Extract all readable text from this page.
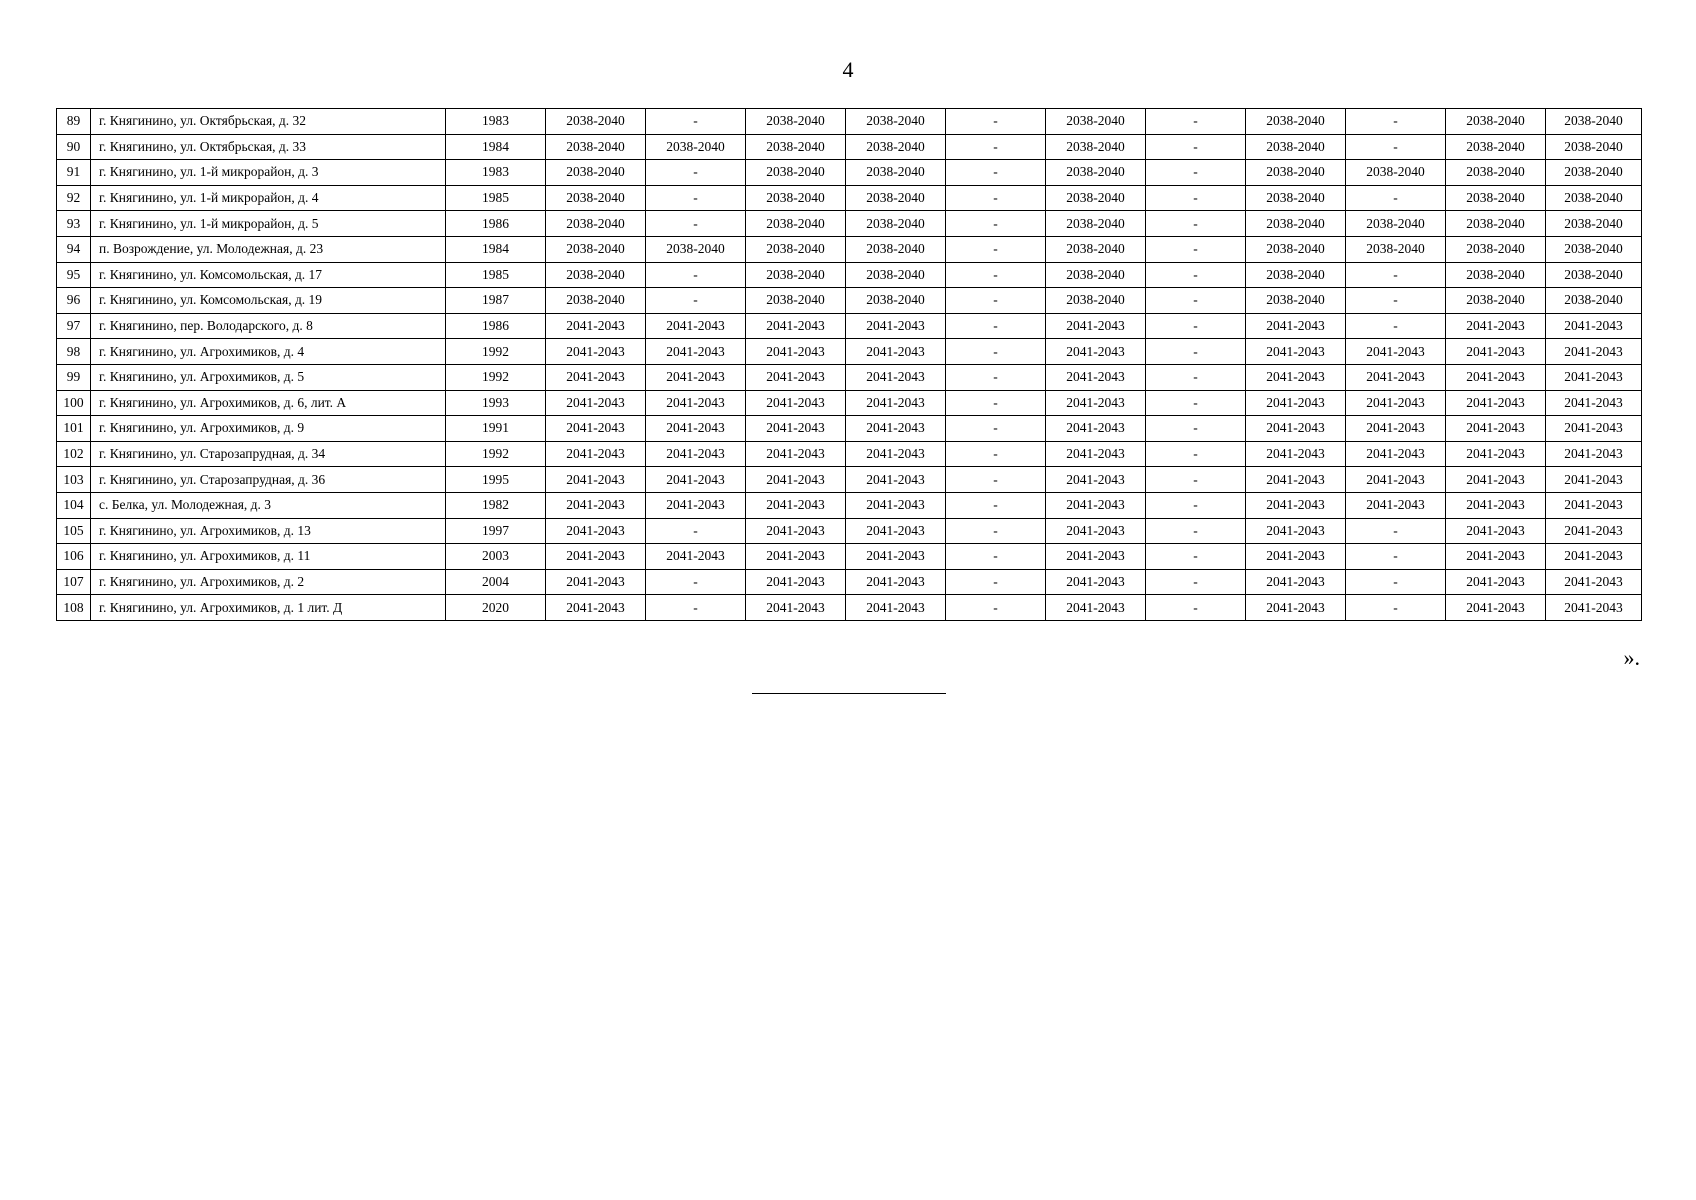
4
89	г. Княгинино, ул. Октябрьская, д. 32	1983	2038-2040	-	2038-2040	2038-2040	-	2038-2040	-	2038-2040	-	2038-2040	2038-2040
90	г. Княгинино, ул. Октябрьская, д. 33	1984	2038-2040	2038-2040	2038-2040	2038-2040	-	2038-2040	-	2038-2040	-	2038-2040	2038-2040
91	г. Княгинино, ул. 1-й микрорайон, д. 3	1983	2038-2040	-	2038-2040	2038-2040	-	2038-2040	-	2038-2040	2038-2040	2038-2040	2038-2040
92	г. Княгинино, ул. 1-й микрорайон, д. 4	1985	2038-2040	-	2038-2040	2038-2040	-	2038-2040	-	2038-2040	-	2038-2040	2038-2040
93	г. Княгинино, ул. 1-й микрорайон, д. 5	1986	2038-2040	-	2038-2040	2038-2040	-	2038-2040	-	2038-2040	2038-2040	2038-2040	2038-2040
94	п. Возрождение, ул. Молодежная, д. 23	1984	2038-2040	2038-2040	2038-2040	2038-2040	-	2038-2040	-	2038-2040	2038-2040	2038-2040	2038-2040
95	г. Княгинино, ул. Комсомольская, д. 17	1985	2038-2040	-	2038-2040	2038-2040	-	2038-2040	-	2038-2040	-	2038-2040	2038-2040
96	г. Княгинино, ул. Комсомольская, д. 19	1987	2038-2040	-	2038-2040	2038-2040	-	2038-2040	-	2038-2040	-	2038-2040	2038-2040
97	г. Княгинино, пер. Володарского, д. 8	1986	2041-2043	2041-2043	2041-2043	2041-2043	-	2041-2043	-	2041-2043	-	2041-2043	2041-2043
98	г. Княгинино, ул. Агрохимиков, д. 4	1992	2041-2043	2041-2043	2041-2043	2041-2043	-	2041-2043	-	2041-2043	2041-2043	2041-2043	2041-2043
99	г. Княгинино, ул. Агрохимиков, д. 5	1992	2041-2043	2041-2043	2041-2043	2041-2043	-	2041-2043	-	2041-2043	2041-2043	2041-2043	2041-2043
100	г. Княгинино, ул. Агрохимиков, д. 6, лит. А	1993	2041-2043	2041-2043	2041-2043	2041-2043	-	2041-2043	-	2041-2043	2041-2043	2041-2043	2041-2043
101	г. Княгинино, ул. Агрохимиков, д. 9	1991	2041-2043	2041-2043	2041-2043	2041-2043	-	2041-2043	-	2041-2043	2041-2043	2041-2043	2041-2043
102	г. Княгинино, ул. Старозапрудная, д. 34	1992	2041-2043	2041-2043	2041-2043	2041-2043	-	2041-2043	-	2041-2043	2041-2043	2041-2043	2041-2043
103	г. Княгинино, ул. Старозапрудная, д. 36	1995	2041-2043	2041-2043	2041-2043	2041-2043	-	2041-2043	-	2041-2043	2041-2043	2041-2043	2041-2043
104	с. Белка, ул. Молодежная, д. 3	1982	2041-2043	2041-2043	2041-2043	2041-2043	-	2041-2043	-	2041-2043	2041-2043	2041-2043	2041-2043
105	г. Княгинино, ул. Агрохимиков, д. 13	1997	2041-2043	-	2041-2043	2041-2043	-	2041-2043	-	2041-2043	-	2041-2043	2041-2043
106	г. Княгинино, ул. Агрохимиков, д. 11	2003	2041-2043	2041-2043	2041-2043	2041-2043	-	2041-2043	-	2041-2043	-	2041-2043	2041-2043
107	г. Княгинино, ул. Агрохимиков, д. 2	2004	2041-2043	-	2041-2043	2041-2043	-	2041-2043	-	2041-2043	-	2041-2043	2041-2043
108	г. Княгинино, ул. Агрохимиков, д. 1 лит. Д	2020	2041-2043	-	2041-2043	2041-2043	-	2041-2043	-	2041-2043	-	2041-2043	2041-2043
».
